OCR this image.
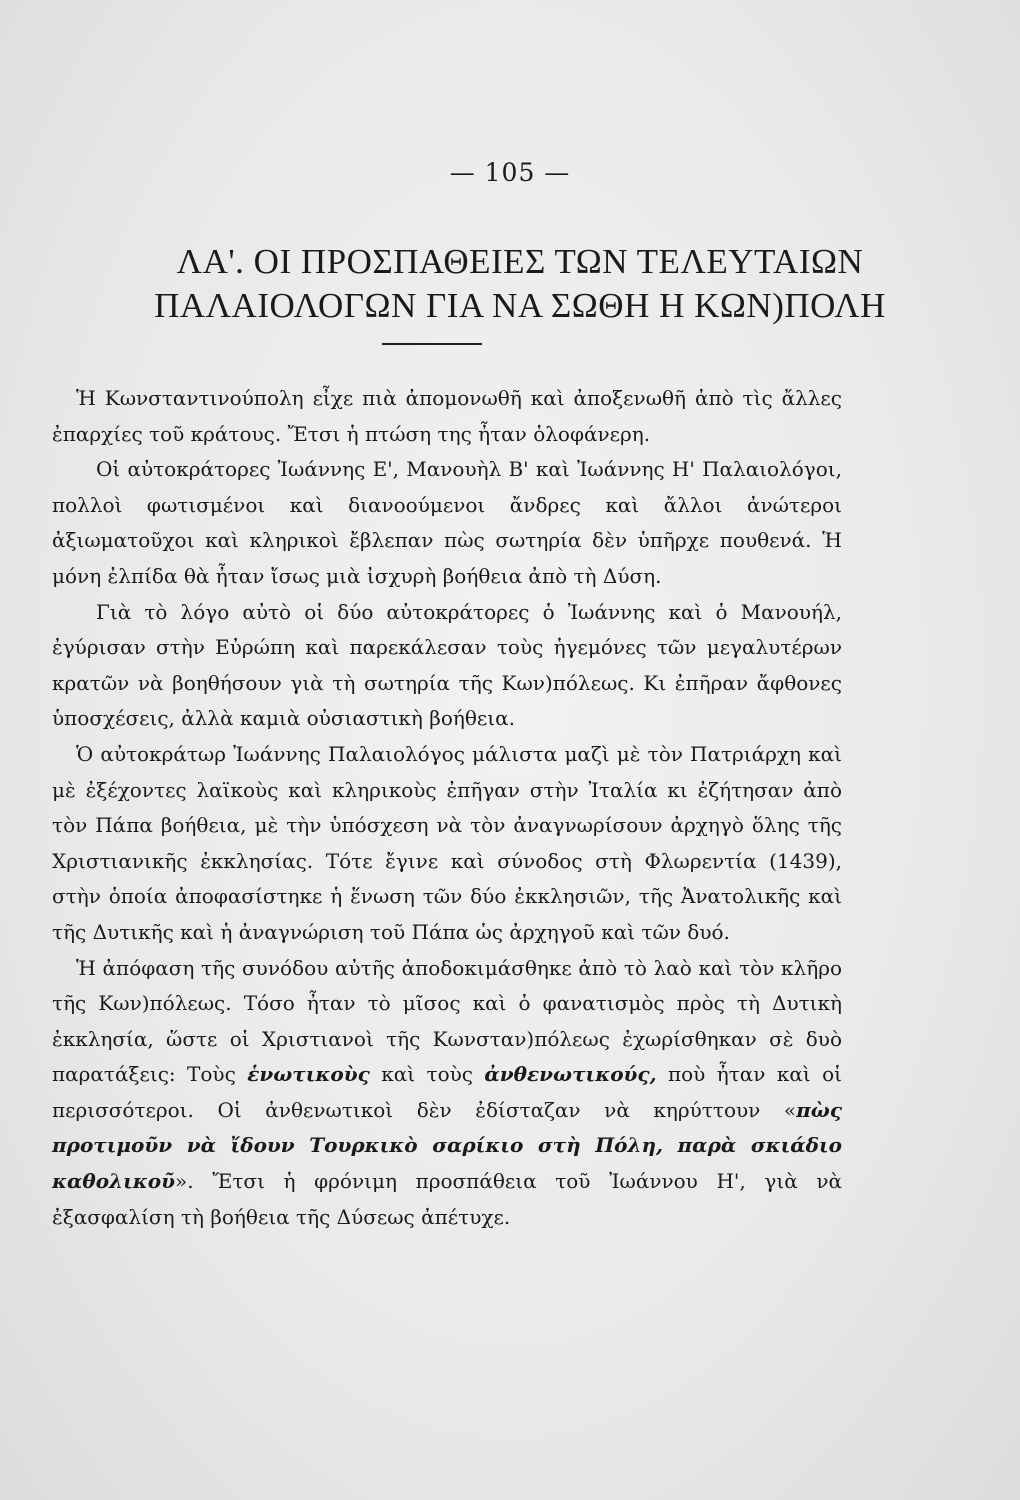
— 105 —
ΛΑ'. ΟΙ ΠΡΟΣΠΑΘΕΙΕΣ ΤΩΝ ΤΕΛΕΥΤΑΙΩΝ
ΠΑΛΑΙΟΛΟΓΩΝ ΓΙΑ ΝΑ ΣΩΘΗ Η ΚΩΝ)ΠΟΛΗ

Ἡ Κωνσταντινούπολη εἶχε πιὰ ἀπομονωθῆ καὶ ἀποξενωθῆ ἀπὸ τὶς ἄλλες ἐπαρχίες τοῦ κράτους. Ἔτσι ἡ πτώση της ἦταν ὁλοφάνερη.

Οἱ αὐτοκράτορες Ἰωάννης Ε', Μανουὴλ Β' καὶ Ἰωάννης Η' Παλαιολόγοι, πολλοὶ φωτισμένοι καὶ διανοούμενοι ἄνδρες καὶ ἄλλοι ἀνώτεροι ἀξιωματοῦχοι καὶ κληρικοὶ ἔβλεπαν πὼς σωτηρία δὲν ὑπῆρχε πουθενά. Ἡ μόνη ἐλπίδα θὰ ἦταν ἴσως μιὰ ἰσχυρὴ βοήθεια ἀπὸ τὴ Δύση.

Γιὰ τὸ λόγο αὐτὸ οἱ δύο αὐτοκράτορες ὁ Ἰωάννης καὶ ὁ Μανουήλ, ἐγύρισαν στὴν Εὐρώπη καὶ παρεκάλεσαν τοὺς ἡγεμόνες τῶν μεγαλυτέρων κρατῶν νὰ βοηθήσουν γιὰ τὴ σωτηρία τῆς Κων)πόλεως. Κι ἐπῆραν ἄφθονες ὑποσχέσεις, ἀλλὰ καμιὰ οὐσιαστικὴ βοήθεια.

Ὁ αὐτοκράτωρ Ἰωάννης Παλαιολόγος μάλιστα μαζὶ μὲ τὸν Πατριάρχη καὶ μὲ ἐξέχοντες λαϊκοὺς καὶ κληρικοὺς ἐπῆγαν στὴν Ἰταλία κι ἐζήτησαν ἀπὸ τὸν Πάπα βοήθεια, μὲ τὴν ὑπόσχεση νὰ τὸν ἀναγνωρίσουν ἀρχηγὸ ὅλης τῆς Χριστιανικῆς ἐκκλησίας. Τότε ἔγινε καὶ σύνοδος στὴ Φλωρεντία (1439), στὴν ὁποία ἀποφασίστηκε ἡ ἕνωση τῶν δύο ἐκκλησιῶν, τῆς Ἀνατολικῆς καὶ τῆς Δυτικῆς καὶ ἡ ἀναγνώριση τοῦ Πάπα ὡς ἀρχηγοῦ καὶ τῶν δυό.

Ἡ ἀπόφαση τῆς συνόδου αὐτῆς ἀποδοκιμάσθηκε ἀπὸ τὸ λαὸ καὶ τὸν κλῆρο τῆς Κων)πόλεως. Τόσο ἦταν τὸ μῖσος καὶ ὁ φανατισμὸς πρὸς τὴ Δυτικὴ ἐκκλησία, ὥστε οἱ Χριστιανοὶ τῆς Κωνσταν)πόλεως ἐχωρίσθηκαν σὲ δυὸ παρατάξεις: Τοὺς ἑνωτικοὺς καὶ τοὺς ἀνθενωτικούς, ποὺ ἦταν καὶ οἱ περισσότεροι. Οἱ ἀνθενωτικοὶ δὲν ἐδίσταζαν νὰ κηρύττουν «πὼς προτιμοῦν νὰ ἴδουν Τουρκικὸ σαρίκιο στὴ Πόλη, παρὰ σκιάδιο καθολικοῦ». Ἔτσι ἡ φρόνιμη προσπάθεια τοῦ Ἰωάννου Η', γιὰ νὰ ἐξασφαλίση τὴ βοήθεια τῆς Δύσεως ἀπέτυχε.
